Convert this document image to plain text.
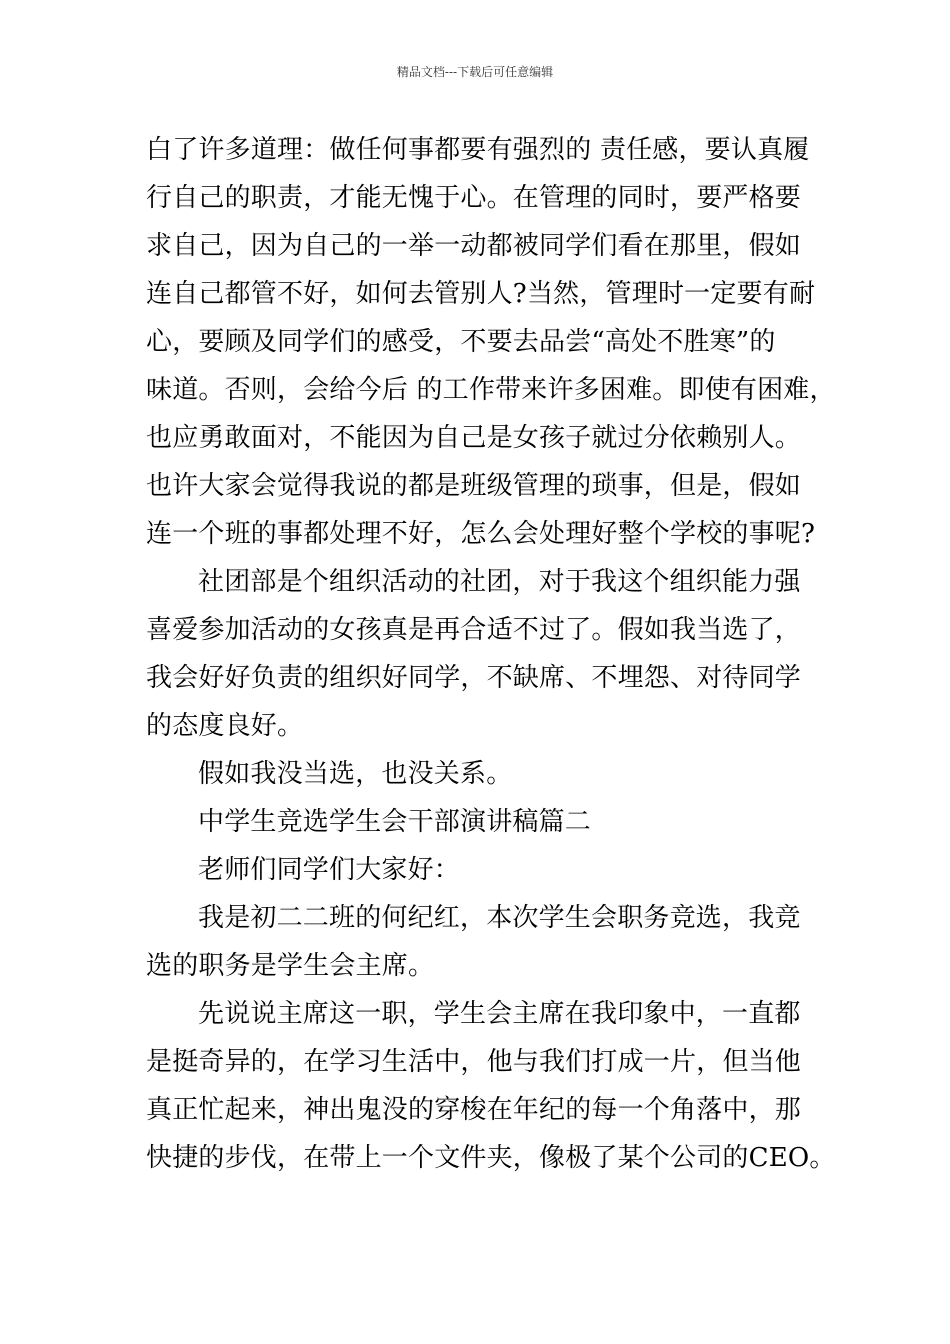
精品文档---下载后可任意编辑
白了许多道理：做任何事都要有强烈的 责任感，要认真履
行自己的职责，才能无愧于心。在管理的同时，要严格要
求自己，因为自己的一举一动都被同学们看在那里，假如
连自己都管不好，如何去管别人?当然，管理时一定要有耐
心，要顾及同学们的感受，不要去品尝“高处不胜寒”的
味道。否则，会给今后 的工作带来许多困难。即使有困难，
也应勇敢面对，不能因为自己是女孩子就过分依赖别人。
也许大家会觉得我说的都是班级管理的琐事，但是，假如
连一个班的事都处理不好，怎么会处理好整个学校的事呢?
社团部是个组织活动的社团，对于我这个组织能力强
喜爱参加活动的女孩真是再合适不过了。假如我当选了，
我会好好负责的组织好同学，不缺席、不埋怨、对待同学
的态度良好。
假如我没当选，也没关系。
中学生竞选学生会干部演讲稿篇二
老师们同学们大家好：
我是初二二班的何纪红，本次学生会职务竞选，我竞
选的职务是学生会主席。
先说说主席这一职，学生会主席在我印象中，一直都
是挺奇异的，在学习生活中，他与我们打成一片，但当他
真正忙起来，神出鬼没的穿梭在年纪的每一个角落中，那
快捷的步伐，在带上一个文件夹，像极了某个公司的CEO。
